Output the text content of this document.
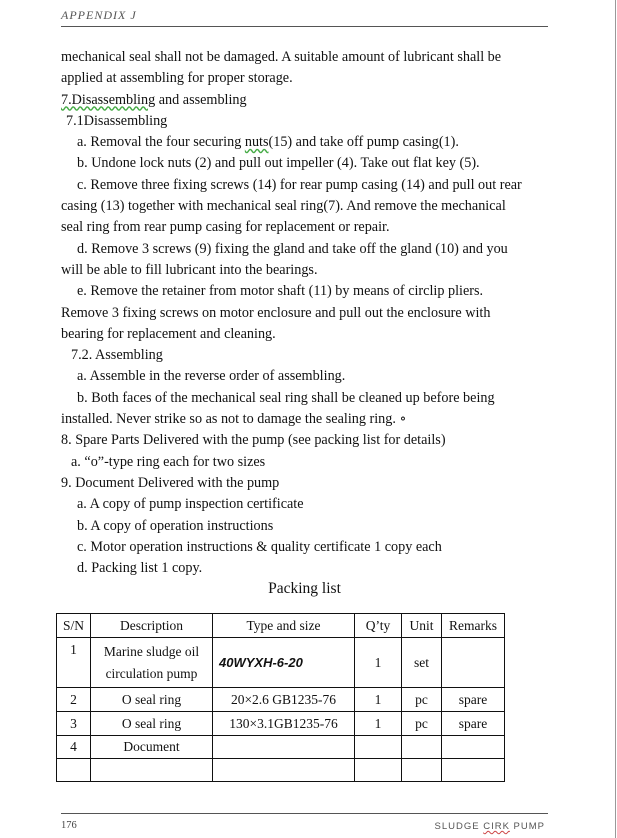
APPENDIX J

mechanical seal shall not be damaged. A suitable amount of lubricant shall be

applied at assembling for proper storage.

7.Disassembling and assembling

7.1Disassembling

a. Removal the four securing nuts(15) and take off pump casing(1).

b. Undone lock nuts (2) and pull out impeller (4). Take out flat key (5).

c. Remove three fixing screws (14) for rear pump casing (14) and pull out rear

casing (13) together with mechanical seal ring(7). And remove the mechanical

seal ring from rear pump casing for replacement or repair.

d. Remove 3 screws (9) fixing the gland and take off the gland (10) and you

will be able to fill lubricant into the bearings.

e. Remove the retainer from motor shaft (11) by means of circlip pliers.

Remove 3 fixing screws on motor enclosure and pull out the enclosure with

bearing for replacement and cleaning.

7.2. Assembling

a. Assemble in the reverse order of assembling.

b. Both faces of the mechanical seal ring shall be cleaned up before being

installed. Never strike so as not to damage the sealing ring. ∘

8. Spare Parts Delivered with the pump (see packing list for details)

a. “o”-type ring each for two sizes

9. Document Delivered with the pump

a. A copy of pump inspection certificate

b. A copy of operation instructions

c. Motor operation instructions & quality certificate 1 copy each

d. Packing list 1 copy.

Packing list
S/N	Description	Type and size	Q’ty	Unit	Remarks
1	Marine sludge oil
circulation pump	40WYXH-6-20	1	set	
2	O seal ring	20×2.6 GB1235-76	1	pc	spare
3	O seal ring	130×3.1GB1235-76	1	pc	spare
4	Document				

176	SLUDGE CIRK PUMP
